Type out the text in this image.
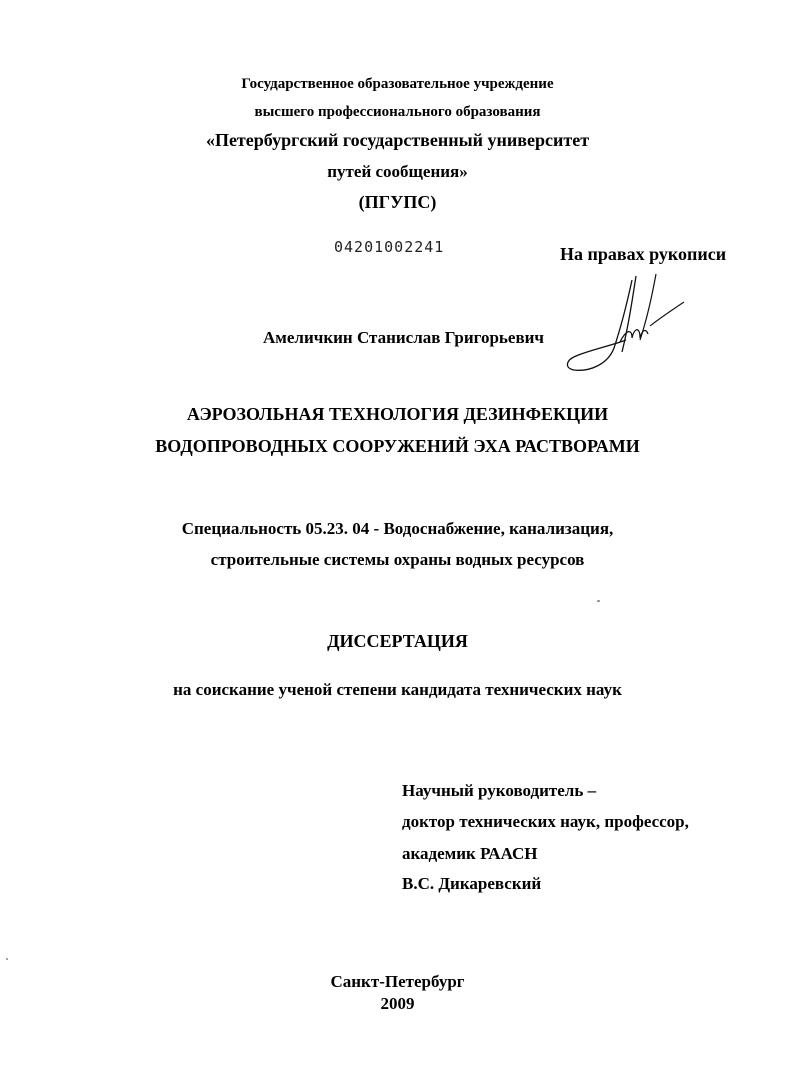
Государственное образовательное учреждение
высшего профессионального образования
«Петербургский государственный университет
путей сообщения»
(ПГУПС)
04201002241	На правах рукописи
Амеличкин Станислав Григорьевич
АЭРОЗОЛЬНАЯ ТЕХНОЛОГИЯ ДЕЗИНФЕКЦИИ
ВОДОПРОВОДНЫХ СООРУЖЕНИЙ ЭХА РАСТВОРАМИ
Специальность 05.23. 04 - Водоснабжение, канализация,
строительные системы охраны водных ресурсов
ДИССЕРТАЦИЯ
на соискание ученой степени кандидата технических наук
Научный руководитель –
доктор технических наук, профессор,
академик РААСН
В.С. Дикаревский
Санкт-Петербург
2009
